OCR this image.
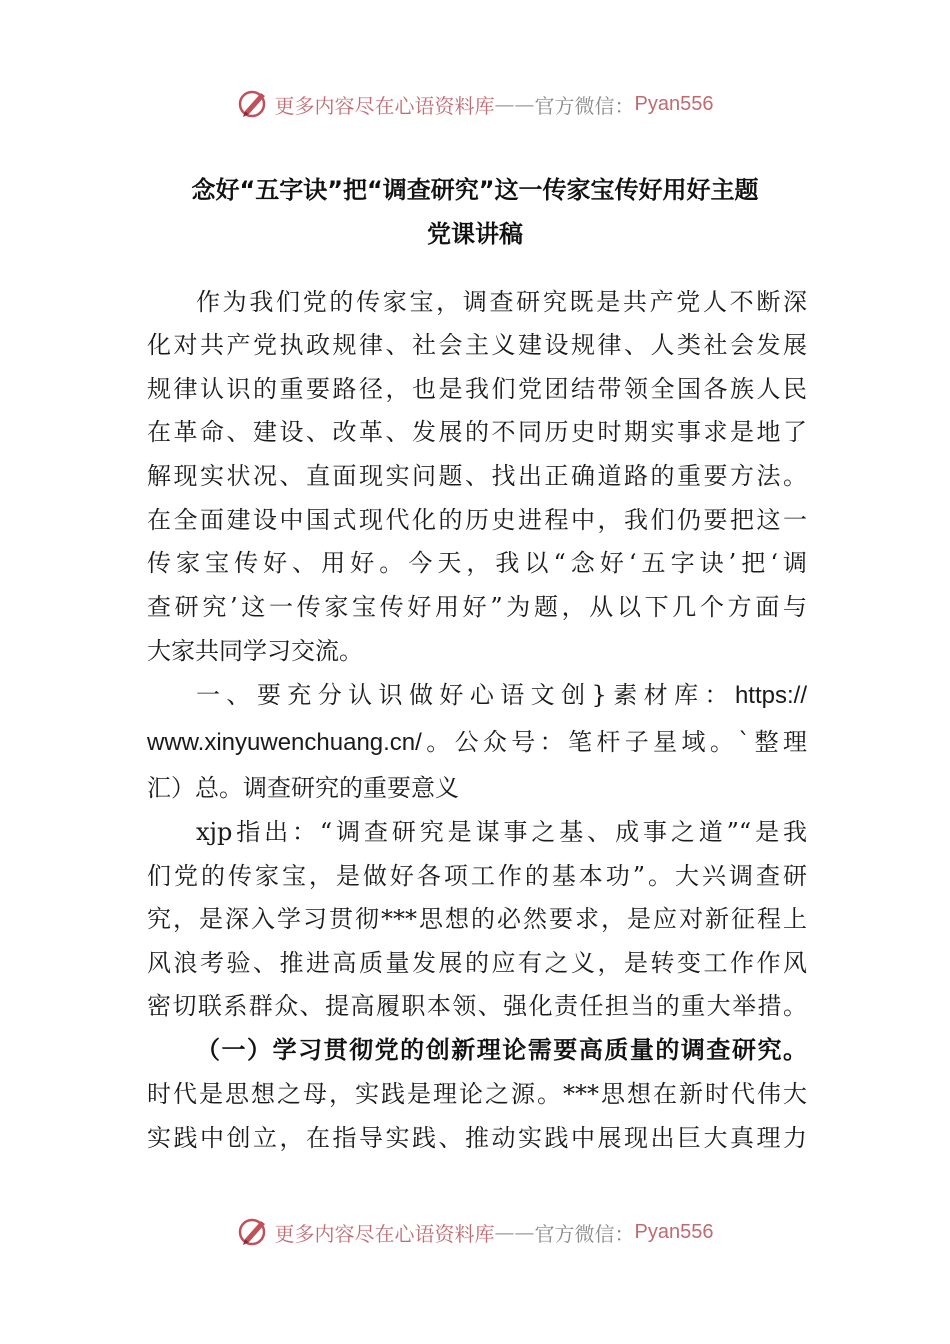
更多内容尽在心语资料库 —— 官方微信： Pyan556
念好“五字诀”把“调查研究”这一传家宝传好用好主题
党课讲稿
作为我们党的传家宝，调查研究既是共产党人不断深
化对共产党执政规律、社会主义建设规律、人类社会发展
规律认识的重要路径，也是我们党团结带领全国各族人民
在革命、建设、改革、发展的不同历史时期实事求是地了
解现实状况、直面现实问题、找出正确道路的重要方法。
在全面建设中国式现代化的历史进程中，我们仍要把这一
传家宝传好、用好。今天，我以“念好‘五字诀’把‘调
查研究’这一传家宝传好用好”为题，从以下几个方面与
大家共同学习交流。
一、要充分认识做好心语文创}素材库：https://
www.xinyuwenchuang.cn/。公众号：笔杆子星域。`整理
汇）总。调查研究的重要意义
xjp指出：“调查研究是谋事之基、成事之道”“是我
们党的传家宝，是做好各项工作的基本功”。大兴调查研
究，是深入学习贯彻***思想的必然要求，是应对新征程上
风浪考验、推进高质量发展的应有之义，是转变工作作风
密切联系群众、提高履职本领、强化责任担当的重大举措。
（一）学习贯彻党的创新理论需要高质量的调查研究。
时代是思想之母，实践是理论之源。***思想在新时代伟大
实践中创立，在指导实践、推动实践中展现出巨大真理力
更多内容尽在心语资料库 —— 官方微信： Pyan556
